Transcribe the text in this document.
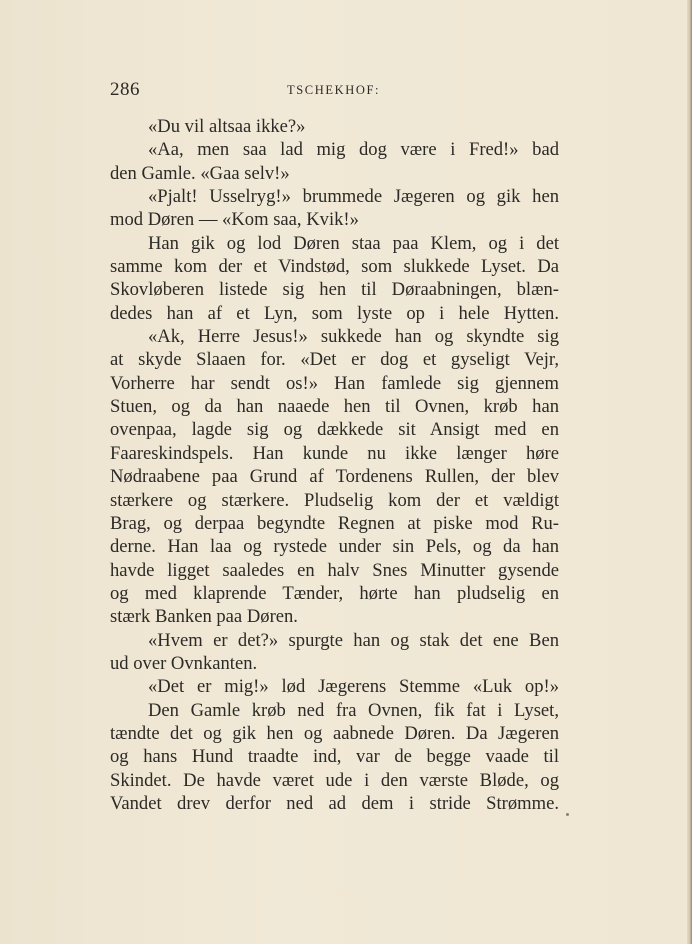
286	TSCHEKHOF:
«Du vil altsaa ikke?»
«Aa, men saa lad mig dog være i Fred!» bad
den Gamle. «Gaa selv!»
«Pjalt! Usselryg!» brummede Jægeren og gik hen
mod Døren — «Kom saa, Kvik!»
Han gik og lod Døren staa paa Klem, og i det
samme kom der et Vindstød, som slukkede Lyset. Da
Skovløberen listede sig hen til Døraabningen, blæn-
dedes han af et Lyn, som lyste op i hele Hytten.
«Ak, Herre Jesus!» sukkede han og skyndte sig
at skyde Slaaen for. «Det er dog et gyseligt Vejr,
Vorherre har sendt os!» Han famlede sig gjennem
Stuen, og da han naaede hen til Ovnen, krøb han
ovenpaa, lagde sig og dækkede sit Ansigt med en
Faareskindspels. Han kunde nu ikke længer høre
Nødraabene paa Grund af Tordenens Rullen, der blev
stærkere og stærkere. Pludselig kom der et vældigt
Brag, og derpaa begyndte Regnen at piske mod Ru-
derne. Han laa og rystede under sin Pels, og da han
havde ligget saaledes en halv Snes Minutter gysende
og med klaprende Tænder, hørte han pludselig en
stærk Banken paa Døren.
«Hvem er det?» spurgte han og stak det ene Ben
ud over Ovnkanten.
«Det er mig!» lød Jægerens Stemme «Luk op!»
Den Gamle krøb ned fra Ovnen, fik fat i Lyset,
tændte det og gik hen og aabnede Døren. Da Jægeren
og hans Hund traadte ind, var de begge vaade til
Skindet. De havde været ude i den værste Bløde, og
Vandet drev derfor ned ad dem i stride Strømme.
